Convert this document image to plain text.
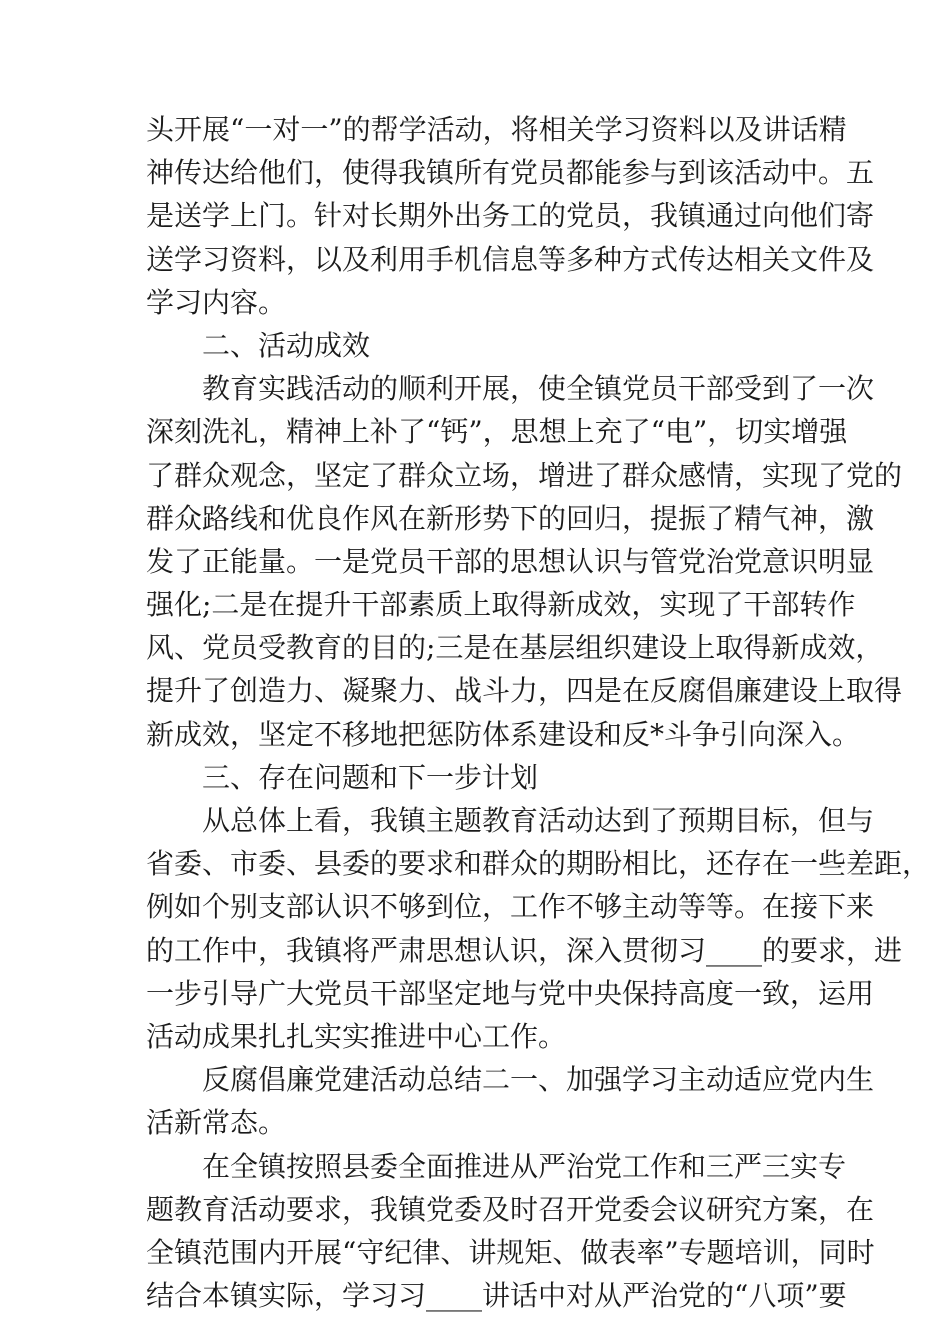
头开展“一对一”的帮学活动，将相关学习资料以及讲话精
神传达给他们，使得我镇所有党员都能参与到该活动中。五
是送学上门。针对长期外出务工的党员，我镇通过向他们寄
送学习资料，以及利用手机信息等多种方式传达相关文件及
学习内容。
二、活动成效
教育实践活动的顺利开展，使全镇党员干部受到了一次
深刻洗礼，精神上补了“钙”，思想上充了“电”，切实增强
了群众观念，坚定了群众立场，增进了群众感情，实现了党的
群众路线和优良作风在新形势下的回归，提振了精气神，激
发了正能量。一是党员干部的思想认识与管党治党意识明显
强化;二是在提升干部素质上取得新成效，实现了干部转作
风、党员受教育的目的;三是在基层组织建设上取得新成效，
提升了创造力、凝聚力、战斗力，四是在反腐倡廉建设上取得
新成效，坚定不移地把惩防体系建设和反*斗争引向深入。
三、存在问题和下一步计划
从总体上看，我镇主题教育活动达到了预期目标，但与
省委、市委、县委的要求和群众的期盼相比，还存在一些差距，
例如个别支部认识不够到位，工作不够主动等等。在接下来
的工作中，我镇将严肃思想认识，深入贯彻习____的要求，进
一步引导广大党员干部坚定地与党中央保持高度一致，运用
活动成果扎扎实实推进中心工作。
反腐倡廉党建活动总结二一、加强学习主动适应党内生
活新常态。
在全镇按照县委全面推进从严治党工作和三严三实专
题教育活动要求，我镇党委及时召开党委会议研究方案，在
全镇范围内开展“守纪律、讲规矩、做表率”专题培训，同时
结合本镇实际，学习习____讲话中对从严治党的“八项”要
